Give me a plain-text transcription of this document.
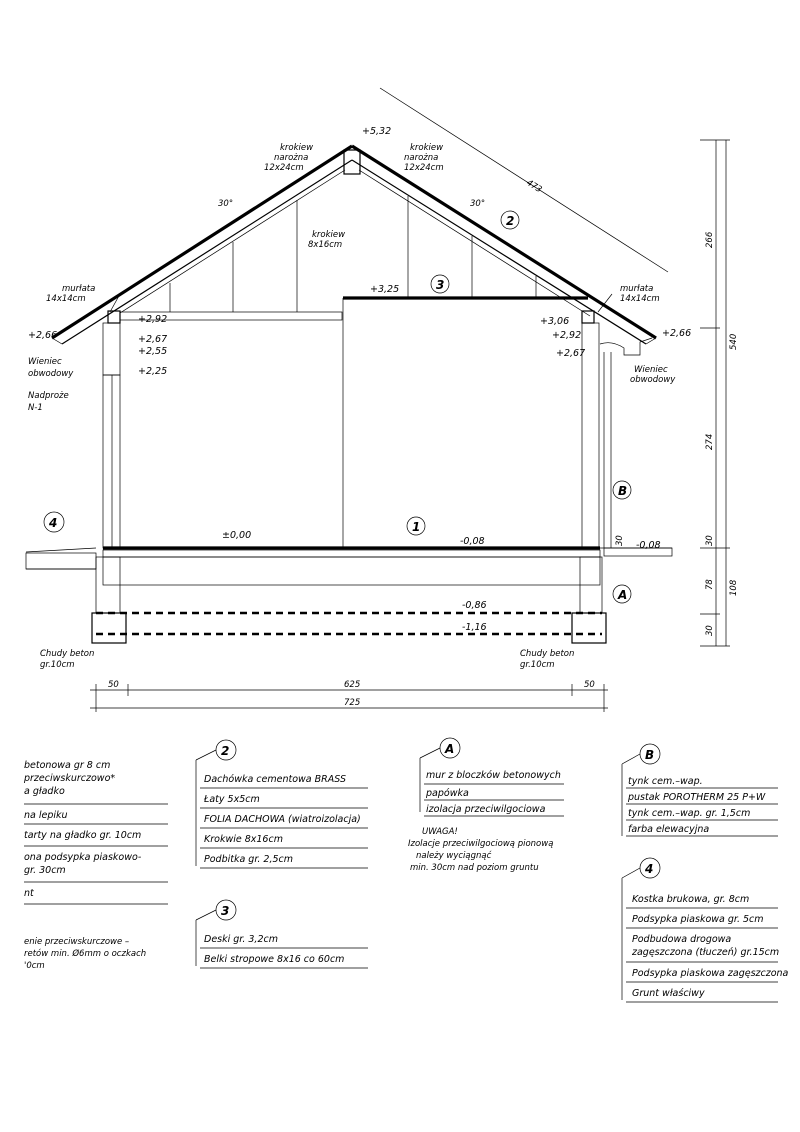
+5,32
+2,66
+2,92
+2,67
+2,55
+2,25
+3,06
+2,92
+2,67
+2,66
+3,25
±0,00
-0,08	-0,08
-0,86
-1,16
krokiew
narożna
12x24cm
krokiew
narożna
12x24cm
krokiew
8x16cm
murłata
14x14cm
murłata
14x14cm
Wieniec
obwodowy	Wieniec
obwodowy
Nadproże
N-1
30°	30°
473
3
2
1
4
B
A
Chudy beton
gr.10cm
Chudy beton
gr.10cm
50	625	50
725
266
540
274
30
78 108
30
30
betonowa gr 8 cm
przeciwskurczowo*
a gładko
na lepiku
tarty na gładko gr. 10cm
ona podsypka piaskowo-
gr. 30cm
nt
enie przeciwskurczowe –
retów min. Ø6mm o oczkach
'0cm
2
Dachówka cementowa BRASS
Łaty 5x5cm
FOLIA DACHOWA (wiatroizolacja)
Krokwie 8x16cm
Podbitka gr. 2,5cm
3
Deski gr. 3,2cm
Belki stropowe 8x16 co 60cm
A
mur z bloczków betonowych
papówka
izolacja przeciwilgociowa
UWAGA!
Izolacje przeciwilgociową pionową
należy wyciągnąć
min. 30cm nad poziom gruntu
B
tynk cem.–wap.
pustak POROTHERM 25 P+W
tynk cem.–wap. gr. 1,5cm
farba elewacyjna
4
Kostka brukowa, gr. 8cm
Podsypka piaskowa gr. 5cm
Podbudowa drogowa
zagęszczona (tłuczeń) gr.15cm
Podsypka piaskowa zagęszczona
Grunt właściwy
